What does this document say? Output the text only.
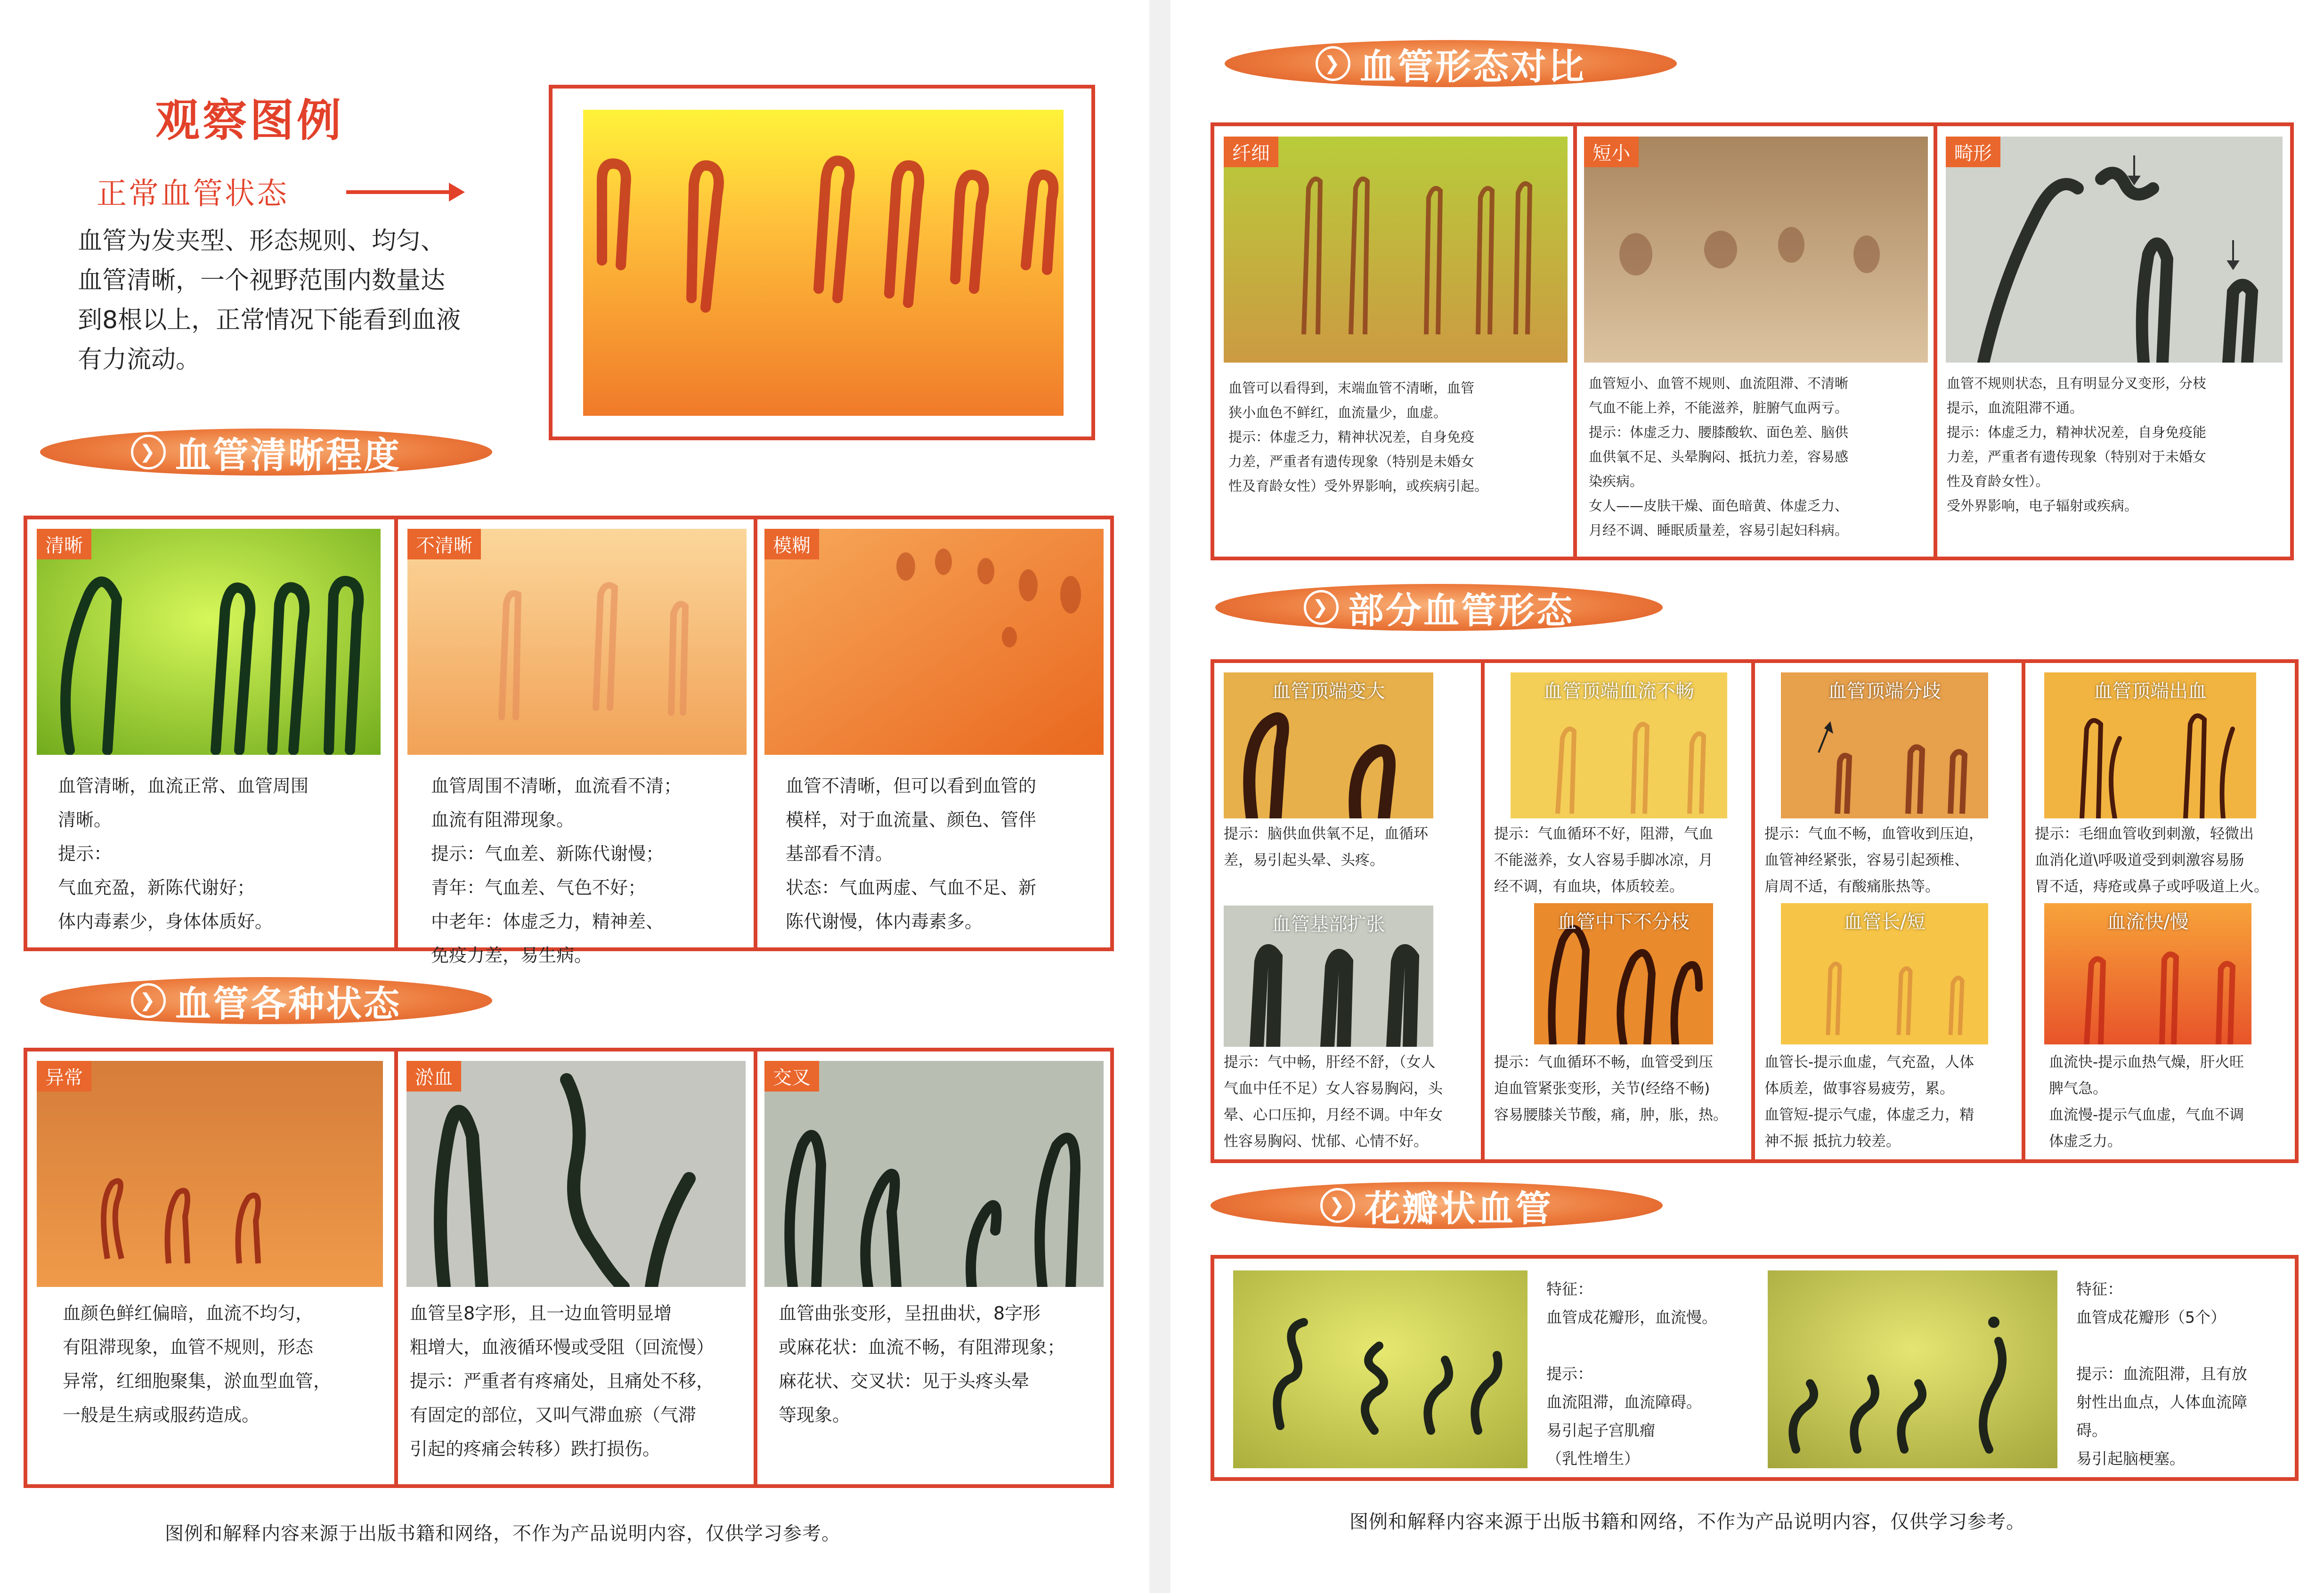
观察图例
正常血管状态
血管为发夹型、形态规则、均匀、
血管清晰，一个视野范围内数量达
到8根以上，正常情况下能看到血液
有力流动。
❯ 血管清晰程度
清晰
血管清晰，血流正常、血管周围
清晰。
提示：
气血充盈，新陈代谢好；
体内毒素少，身体体质好。
不清晰
血管周围不清晰，血流看不清；
血流有阻滞现象。
提示：气血差、新陈代谢慢；
青年：气血差、气色不好；
中老年：体虚乏力，精神差、
免疫力差，易生病。
模糊
血管不清晰，但可以看到血管的
模样，对于血流量、颜色、管伴
基部看不清。
状态：气血两虚、气血不足、新
陈代谢慢，体内毒素多。
❯ 血管各种状态
异常
血颜色鲜红偏暗，血流不均匀，
有阻滞现象，血管不规则，形态
异常，红细胞聚集，淤血型血管，
一般是生病或服药造成。
淤血
血管呈8字形，且一边血管明显增
粗增大，血液循环慢或受阻（回流慢）
提示：严重者有疼痛处，且痛处不移，
有固定的部位，又叫气滞血瘀（气滞
引起的疼痛会转移）跌打损伤。
交叉
血管曲张变形，呈扭曲状，8字形
或麻花状：血流不畅，有阻滞现象；
麻花状、交叉状：见于头疼头晕
等现象。
图例和解释内容来源于出版书籍和网络，不作为产品说明内容，仅供学习参考。
❯ 血管形态对比
纤细
血管可以看得到，末端血管不清晰，血管
狭小血色不鲜红，血流量少，血虚。
提示：体虚乏力，精神状况差，自身免疫
力差，严重者有遗传现象（特别是未婚女
性及育龄女性）受外界影响，或疾病引起。
短小
血管短小、血管不规则、血流阻滞、不清晰
气血不能上养，不能滋养，脏腑气血两亏。
提示：体虚乏力、腰膝酸软、面色差、脑供
血供氧不足、头晕胸闷、抵抗力差，容易感
染疾病。
女人——皮肤干燥、面色暗黄、体虚乏力、
月经不调、睡眠质量差，容易引起妇科病。
畸形
血管不规则状态，且有明显分叉变形，分枝
提示，血流阻滞不通。
提示：体虚乏力，精神状况差，自身免疫能
力差，严重者有遗传现象（特别对于未婚女
性及育龄女性）。
受外界影响，电子辐射或疾病。
❯ 部分血管形态
血管顶端变大
提示：脑供血供氧不足，血循环
差，易引起头晕、头疼。
血管基部扩张
提示：气中畅，肝经不舒，（女人
气血中任不足）女人容易胸闷，头
晕、心口压抑，月经不调。中年女
性容易胸闷、忧郁、心情不好。
血管顶端血流不畅
提示：气血循环不好，阻滞，气血
不能滋养，女人容易手脚冰凉，月
经不调，有血块，体质较差。
血管中下不分枝
提示：气血循环不畅，血管受到压
迫血管紧张变形，关节(经络不畅)
容易腰膝关节酸，痛，肿，胀，热。
血管顶端分歧
提示：气血不畅，血管收到压迫，
血管神经紧张，容易引起颈椎、
肩周不适，有酸痛胀热等。
血管长/短
血管长-提示血虚，气充盈，人体
体质差，做事容易疲劳，累。
血管短-提示气虚，体虚乏力，精
神不振 抵抗力较差。
血管顶端出血
提示：毛细血管收到刺激，轻微出
血消化道\呼吸道受到刺激容易肠
胃不适，痔疮或鼻子或呼吸道上火。
血流快/慢
血流快-提示血热气燥，肝火旺
脾气急。
血流慢-提示气血虚，气血不调
体虚乏力。
❯ 花瓣状血管
特征：
血管成花瓣形，血流慢。

提示：
血流阻滞，血流障碍。
易引起子宫肌瘤
（乳性增生）
特征：
血管成花瓣形（5个）

提示：血流阻滞，且有放
射性出血点，人体血流障
碍。
易引起脑梗塞。
图例和解释内容来源于出版书籍和网络，不作为产品说明内容，仅供学习参考。
